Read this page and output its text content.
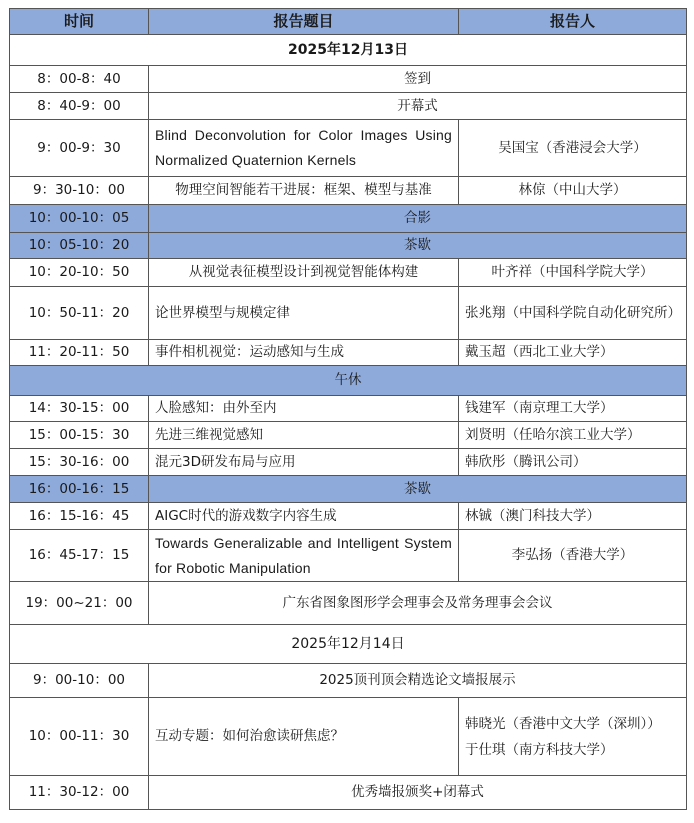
时间	报告题目	报告人
2025年12月13日		
8：00-8：40	签到	
8：40-9：00	开幕式	
9：00-9：30	Blind Deconvolution for Color Images Using Normalized Quaternion Kernels	吴国宝（香港浸会大学）
9：30-10：00	物理空间智能若干进展：框架、模型与基准	林倞（中山大学）
10：00-10：05	合影	
10：05-10：20	茶歇	
10：20-10：50	从视觉表征模型设计到视觉智能体构建	叶齐祥（中国科学院大学）
10：50-11：20	论世界模型与规模定律	张兆翔（中国科学院自动化研究所）
11：20-11：50	事件相机视觉：运动感知与生成	戴玉超（西北工业大学）
午休		
14：30-15：00	人脸感知：由外至内	钱建军（南京理工大学）
15：00-15：30	先进三维视觉感知	刘贤明（任哈尔滨工业大学）
15：30-16：00	混元3D研发布局与应用	韩欣彤（腾讯公司）
16：00-16：15	茶歇	
16：15-16：45	AIGC时代的游戏数字内容生成	林铖（澳门科技大学）
16：45-17：15	Towards Generalizable and Intelligent System for Robotic Manipulation	李弘扬（香港大学）
19：00~21：00	广东省图象图形学会理事会及常务理事会会议	
2025年12月14日		
9：00-10：00	2025顶刊顶会精选论文墙报展示	
10：00-11：30	互动专题：如何治愈读研焦虑？	韩晓光（香港中文大学（深圳））
于仕琪（南方科技大学）

11：30-12：00	优秀墙报颁奖+闭幕式	
